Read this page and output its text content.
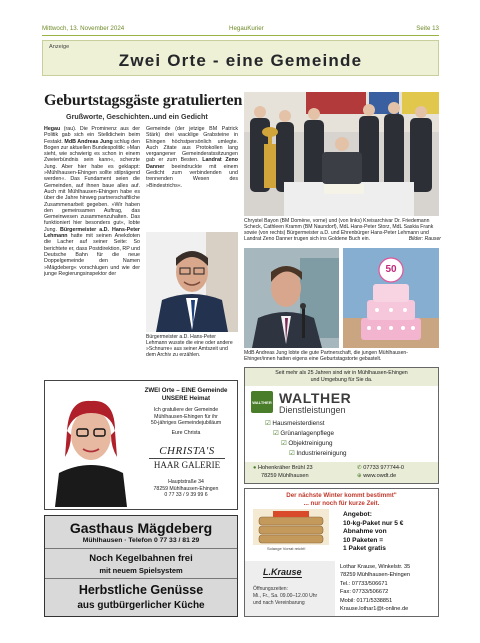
Mittwoch, 13. November 2024	HegauKurier	Seite 13
Anzeige
Zwei Orte - eine Gemeinde
Geburtstagsgäste gratulierten
Grußworte, Geschichten..und ein Gedicht
Hegau (rau). Die Prominenz aus der Politik gab sich ein Stelldichein beim Festakt. MdB Andreas Jung schlug den Bogen zur aktuellen Bundespolitik: »Man sieht, wie schwierig es schon in einem Zweierbündnis sein kann«, scherzte Jung. Aber hier habe es geklappt: »Mühlhausen-Ehingen sollte stilprägend werden«. Das Fundament seien die Gemeinden, auf ihnen baue alles auf. Auch mit Mühlhausen-Ehingen habe es über die Jahre hinweg partnerschaftliche Zusammenarbeit gegeben. »Wir haben den gemeinsamen Auftrag, das Gemeinwesen zusammenzuhalten. Das funktioniert hier besonders gut«, lobte Jung. Bürgermeister a.D. Hans-Peter Lehmann hatte mit seinen Anekdoten die Lacher auf seiner Seite: So berichtete er, dass Postdirektion, RP und Deutsche Bahn für die neue Doppelgemeinde den Namen »Mägdeberg« vorschlugen und wie der junge Regierungsinspektor der
Gemeinde (der jetzige BM Patrick Stärk) drei wacklige Grabsteine in Ehingen höchstpersönlich umlegte. Auch Zitate aus Protokollen lang vergangener Gemeinderatssitzungen gab er zum Besten. Landrat Zeno Danner beeindruckte mit einem Gedicht zum verbindenden und trennenden Wesen des »Bindestrichs«.
Chrystel Bayon (BM Domène, vorne) und (von links) Kreisarchivar Dr. Friedemann Scheck, Cathleen Kramm (BM Naundorf), MdL Hans-Peter Storz, MdL Saskia Frank sowie (von rechts) Bürgermeister a.D. und Ehrenbürger Hans-Peter Lehmann und Landrat Zeno Danner trugen sich ins Goldene Buch ein.	Bilder: Rauser
Bürgermeister a.D. Hans-Peter Lehmann wusste die eine oder andere »Schnurre« aus seiner Amtszeit und dem Archiv zu erzählen.
50
MdB Andreas Jung lobte die gute Partnerschaft, die jungen Mühlhausen-Ehinger/innen hatten eigens eine Geburtstagstorte gebastelt.
ZWEI Orte – EINE Gemeinde
UNSERE Heimat
Ich gratuliere der Gemeinde
Mühlhausen-Ehingen für ihr
50-jähriges Gemeindejubiläum
Eure Christa
CHRISTA'S
HAAR GALERIE
Hauptstraße 34
78259 Mühlhausen-Ehingen
0 77 33 / 9 39 99 6
Seit mehr als 25 Jahren sind wir in Mühlhausen-Ehingen
und Umgebung für Sie da.
WALTHER WALTHER
Dienstleistungen
☑ Hausmeisterdienst
☑ Grünanlagenpflege
☑ Objektreinigung
☑ Industriereinigung
● Hohenkräher Brühl 23
78259 Mühlhausen
✆ 07733 977744-0
⊕ www.owdt.de
Gasthaus Mägdeberg
Mühlhausen · Telefon 0 77 33 / 81 29
Noch Kegelbahnen frei
mit neuem Spielsystem
Herbstliche Genüsse
aus gutbürgerlicher Küche
Der nächste Winter kommt bestimmt"
... nur noch für kurze Zeit.
Solange Vorrat reicht!
Angebot:
10-kg-Paket nur 5 €
Abnahme von
10 Paketen =
1 Paket gratis
L.Krause
Öffnungszeiten:
Mi., Fr., Sa. 09.00–12.00 Uhr
und nach Vereinbarung
Lothar Krause, Winkelstr. 35
78259 Mühlhausen-Ehingen
Tel.: 07733/506671
Fax: 07733/506672
Mobil: 0171/5338851
Krause.lothar1@t-online.de
